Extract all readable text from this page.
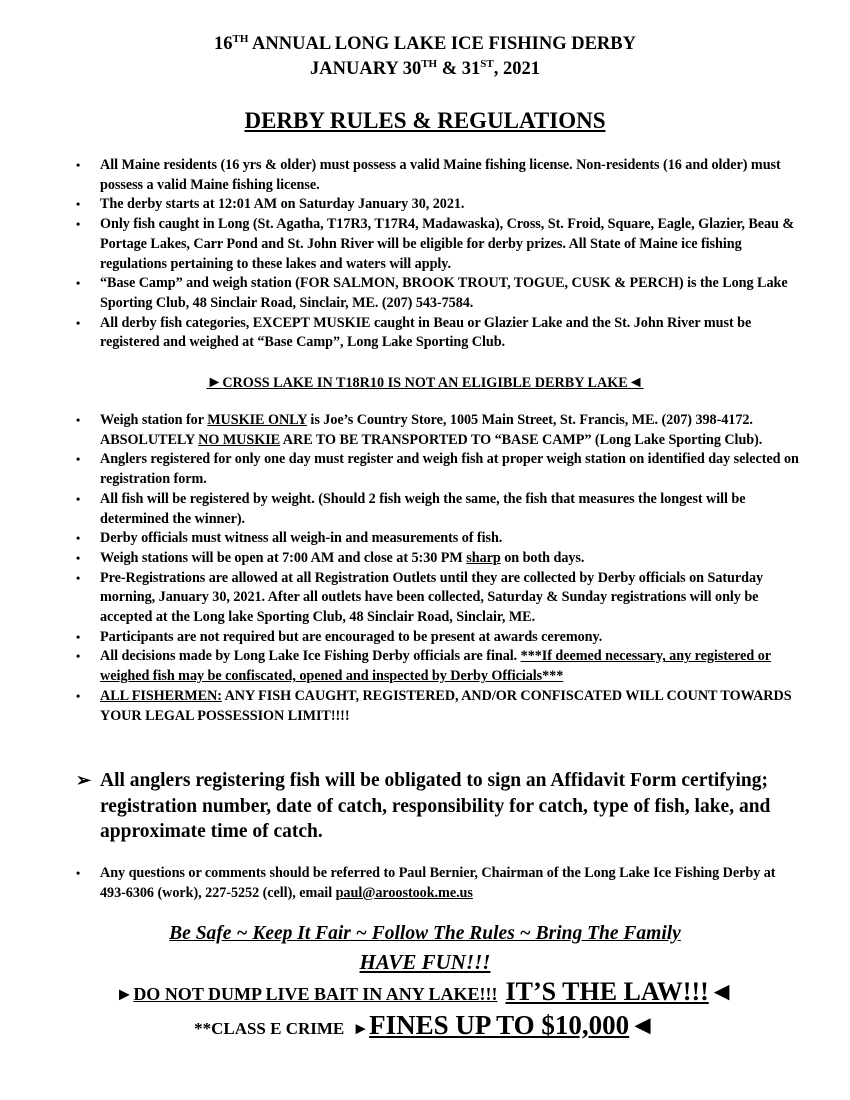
16TH ANNUAL LONG LAKE ICE FISHING DERBY
JANUARY 30TH & 31ST, 2021
DERBY RULES & REGULATIONS
• All Maine residents (16 yrs & older) must possess a valid Maine fishing license. Non-residents (16 and older) must possess a valid Maine fishing license.
• The derby starts at 12:01 AM on Saturday January 30, 2021.
• Only fish caught in Long (St. Agatha, T17R3, T17R4, Madawaska), Cross, St. Froid, Square, Eagle, Glazier, Beau & Portage Lakes, Carr Pond and St. John River will be eligible for derby prizes. All State of Maine ice fishing regulations pertaining to these lakes and waters will apply.
• “Base Camp” and weigh station (FOR SALMON, BROOK TROUT, TOGUE, CUSK & PERCH) is the Long Lake Sporting Club, 48 Sinclair Road, Sinclair, ME. (207) 543-7584.
• All derby fish categories, EXCEPT MUSKIE caught in Beau or Glazier Lake and the St. John River must be registered and weighed at “Base Camp”, Long Lake Sporting Club.
►CROSS LAKE IN T18R10 IS NOT AN ELIGIBLE DERBY LAKE◄
• Weigh station for MUSKIE ONLY is Joe’s Country Store, 1005 Main Street, St. Francis, ME. (207) 398-4172. ABSOLUTELY NO MUSKIE ARE TO BE TRANSPORTED TO “BASE CAMP” (Long Lake Sporting Club).
• Anglers registered for only one day must register and weigh fish at proper weigh station on identified day selected on registration form.
• All fish will be registered by weight. (Should 2 fish weigh the same, the fish that measures the longest will be determined the winner).
• Derby officials must witness all weigh-in and measurements of fish.
• Weigh stations will be open at 7:00 AM and close at 5:30 PM sharp on both days.
• Pre-Registrations are allowed at all Registration Outlets until they are collected by Derby officials on Saturday morning, January 30, 2021. After all outlets have been collected, Saturday & Sunday registrations will only be accepted at the Long lake Sporting Club, 48 Sinclair Road, Sinclair, ME.
• Participants are not required but are encouraged to be present at awards ceremony.
• All decisions made by Long Lake Ice Fishing Derby officials are final. ***If deemed necessary, any registered or weighed fish may be confiscated, opened and inspected by Derby Officials***
• ALL FISHERMEN: ANY FISH CAUGHT, REGISTERED, AND/OR CONFISCATED WILL COUNT TOWARDS YOUR LEGAL POSSESSION LIMIT!!!!
➢ All anglers registering fish will be obligated to sign an Affidavit Form certifying; registration number, date of catch, responsibility for catch, type of fish, lake, and approximate time of catch.
• Any questions or comments should be referred to Paul Bernier, Chairman of the Long Lake Ice Fishing Derby at 493-6306 (work), 227-5252 (cell), email paul@aroostook.me.us
Be Safe ~ Keep It Fair ~ Follow The Rules ~ Bring The Family
HAVE FUN!!!
►DO NOT DUMP LIVE BAIT IN ANY LAKE!!! IT’S THE LAW!!!◄
**CLASS E CRIME ►FINES UP TO $10,000◄
